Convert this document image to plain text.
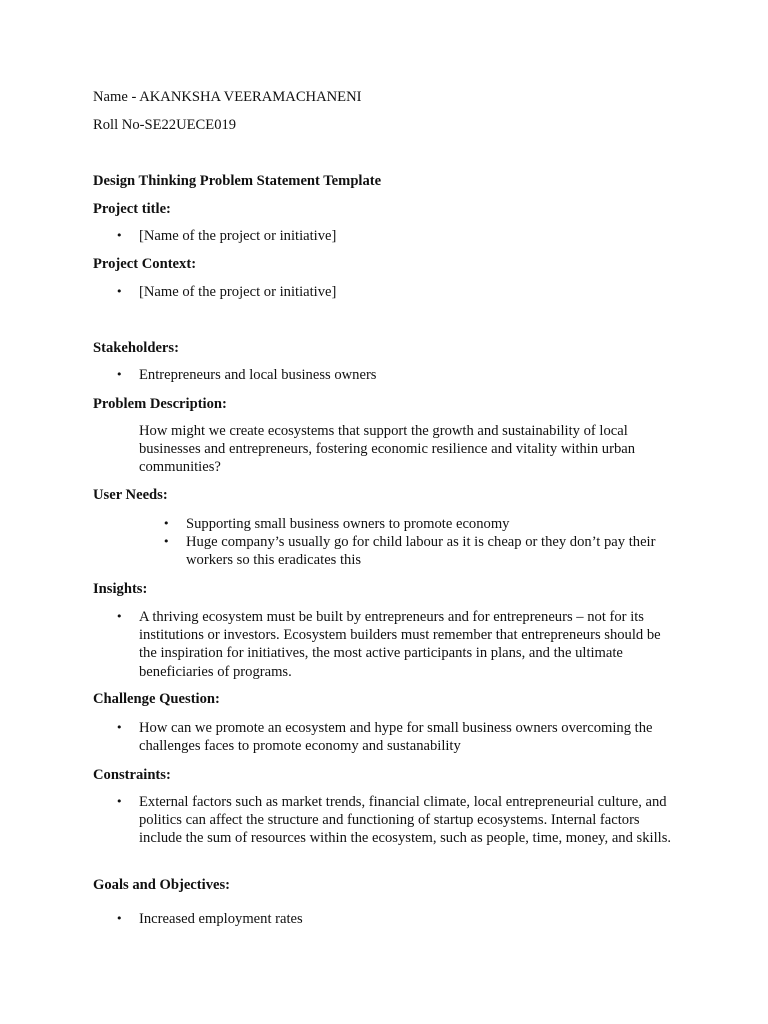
Name - AKANKSHA VEERAMACHANENI

Roll No-SE22UECE019

Design Thinking Problem Statement Template

Project title:

• [Name of the project or initiative]

Project Context:

• [Name of the project or initiative]

Stakeholders:

• Entrepreneurs and local business owners

Problem Description:

How might we create ecosystems that support the growth and sustainability of local businesses and entrepreneurs, fostering economic resilience and vitality within urban communities?

User Needs:

• Supporting small business owners to promote economy
• Huge company’s usually go for child labour as it is cheap or they don’t pay their workers so this eradicates this

Insights:

• A thriving ecosystem must be built by entrepreneurs and for entrepreneurs – not for its institutions or investors. Ecosystem builders must remember that entrepreneurs should be the inspiration for initiatives, the most active participants in plans, and the ultimate beneficiaries of programs.

Challenge Question:

• How can we promote an ecosystem and hype for small business owners overcoming the challenges faces to promote economy and sustanability

Constraints:

• External factors such as market trends, financial climate, local entrepreneurial culture, and politics can affect the structure and functioning of startup ecosystems. Internal factors include the sum of resources within the ecosystem, such as people, time, money, and skills.

Goals and Objectives:

• Increased employment rates
